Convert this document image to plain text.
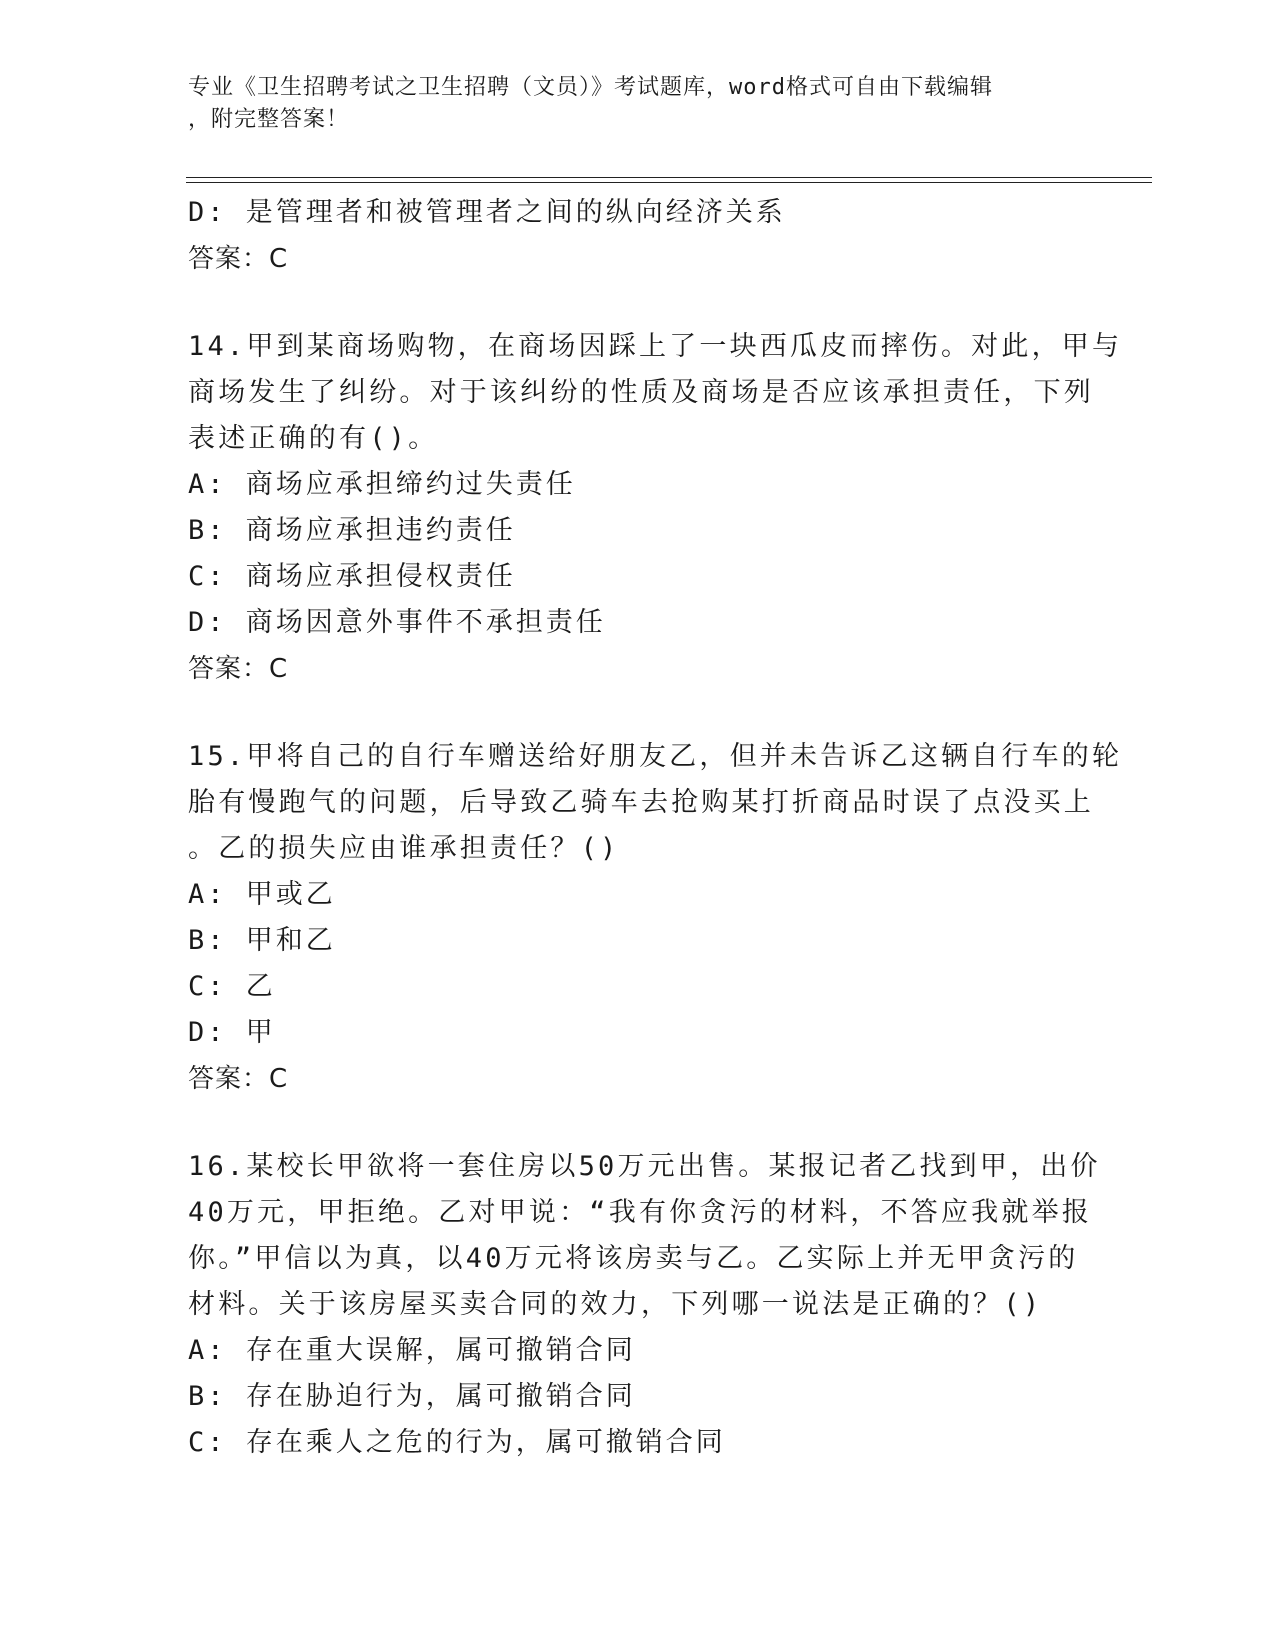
专业《卫生招聘考试之卫生招聘（文员）》考试题库，word格式可自由下载编辑
，附完整答案！
D: 是管理者和被管理者之间的纵向经济关系
答案：C
14.甲到某商场购物，在商场因踩上了一块西瓜皮而摔伤。对此，甲与
商场发生了纠纷。对于该纠纷的性质及商场是否应该承担责任，下列
表述正确的有()。
A: 商场应承担缔约过失责任
B: 商场应承担违约责任
C: 商场应承担侵权责任
D: 商场因意外事件不承担责任
答案：C
15.甲将自己的自行车赠送给好朋友乙，但并未告诉乙这辆自行车的轮
胎有慢跑气的问题，后导致乙骑车去抢购某打折商品时误了点没买上
。乙的损失应由谁承担责任？()
A: 甲或乙
B: 甲和乙
C: 乙
D: 甲
答案：C
16.某校长甲欲将一套住房以50万元出售。某报记者乙找到甲，出价
40万元，甲拒绝。乙对甲说：“我有你贪污的材料，不答应我就举报
你。”甲信以为真，以40万元将该房卖与乙。乙实际上并无甲贪污的
材料。关于该房屋买卖合同的效力，下列哪一说法是正确的？()
A: 存在重大误解，属可撤销合同
B: 存在胁迫行为，属可撤销合同
C: 存在乘人之危的行为，属可撤销合同
